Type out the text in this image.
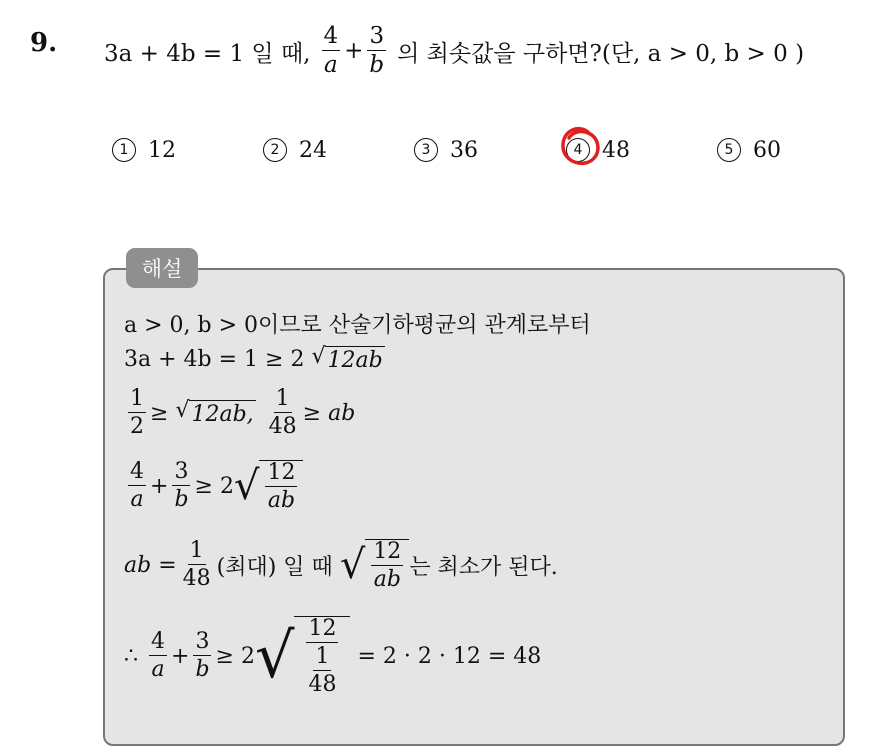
9. 3a + 4b = 1 일 때, $\frac{4}{a} + \frac{3}{b}$ 의 최솟값을 구하면?(단, a > 0, b > 0 )
1 12	2 24	3 36	4 48	5 60
해설
a > 0, b > 0이므로 산술기하평균의 관계로부터
3a + 4b = 1 ≥ 2 √ 12ab
$\frac{1}{2}$ ≥ √ 12ab, $\frac{1}{48}$ ≥ ab
$\frac{4}{a} + \frac{3}{b} \ge 2$ √ $\frac{12}{ab}$
ab = $\frac{1}{48}$ (최대) 일 때 √ $\frac{12}{ab}$ 는 최소가 된다.
∴ $\frac{4}{a} + \frac{3}{b} \ge 2$ √ $\frac{12}{\frac{1}{48}} = 2 \cdot 2 \cdot 12 = 48$
